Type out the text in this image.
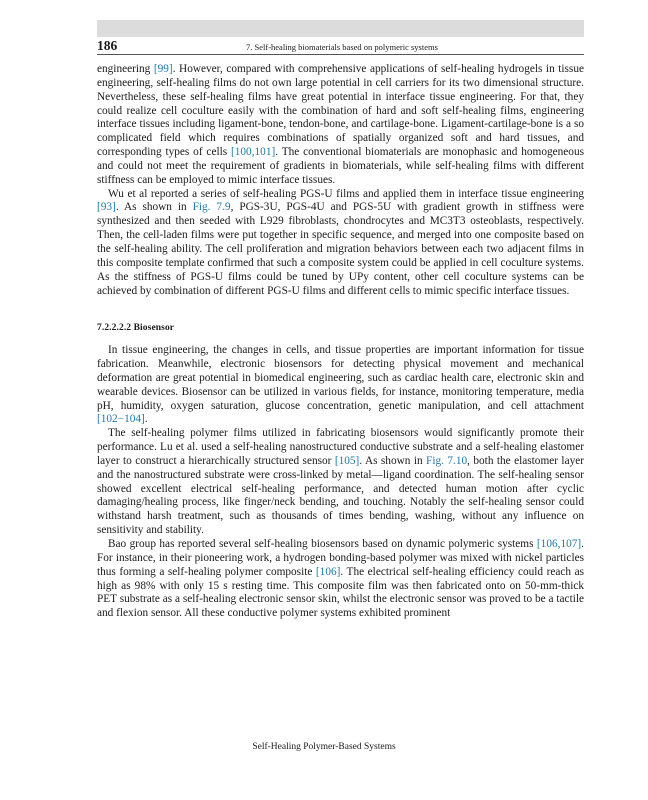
186	7. Self-healing biomaterials based on polymeric systems

engineering [99]. However, compared with comprehensive applications of self-healing hydrogels in tissue engineering, self-healing films do not own large potential in cell carriers for its two dimensional structure. Nevertheless, these self-healing films have great potential in interface tissue engineering. For that, they could realize cell coculture easily with the combination of hard and soft self-healing films, engineering interface tissues including ligament-bone, tendon-bone, and cartilage-bone. Ligament-cartilage-bone is a so complicated field which requires combinations of spatially organized soft and hard tissues, and corresponding types of cells [100,101]. The conventional biomaterials are monophasic and homogeneous and could not meet the requirement of gradients in biomaterials, while self-healing films with different stiffness can be employed to mimic interface tissues.

Wu et al reported a series of self-healing PGS-U films and applied them in interface tissue engineering [93]. As shown in Fig. 7.9, PGS-3U, PGS-4U and PGS-5U with gradient growth in stiffness were synthesized and then seeded with L929 fibroblasts, chondrocytes and MC3T3 osteoblasts, respectively. Then, the cell-laden films were put together in specific sequence, and merged into one composite based on the self-healing ability. The cell proliferation and migration behaviors between each two adjacent films in this composite template confirmed that such a composite system could be applied in cell coculture systems. As the stiffness of PGS-U films could be tuned by UPy content, other cell coculture systems can be achieved by combination of different PGS-U films and different cells to mimic specific interface tissues.

7.2.2.2.2 Biosensor

In tissue engineering, the changes in cells, and tissue properties are important information for tissue fabrication. Meanwhile, electronic biosensors for detecting physical movement and mechanical deformation are great potential in biomedical engineering, such as cardiac health care, electronic skin and wearable devices. Biosensor can be utilized in various fields, for instance, monitoring temperature, media pH, humidity, oxygen saturation, glucose concentration, genetic manipulation, and cell attachment [102−104].

The self-healing polymer films utilized in fabricating biosensors would significantly promote their performance. Lu et al. used a self-healing nanostructured conductive substrate and a self-healing elastomer layer to construct a hierarchically structured sensor [105]. As shown in Fig. 7.10, both the elastomer layer and the nanostructured substrate were cross-linked by metal—ligand coordination. The self-healing sensor showed excellent electrical self-healing performance, and detected human motion after cyclic damaging/healing process, like finger/neck bending, and touching. Notably the self-healing sensor could withstand harsh treatment, such as thousands of times bending, washing, without any influence on sensitivity and stability.

Bao group has reported several self-healing biosensors based on dynamic polymeric systems [106,107]. For instance, in their pioneering work, a hydrogen bonding-based polymer was mixed with nickel particles thus forming a self-healing polymer composite [106]. The electrical self-healing efficiency could reach as high as 98% with only 15 s resting time. This composite film was then fabricated onto on 50-mm-thick PET substrate as a self-healing electronic sensor skin, whilst the electronic sensor was proved to be a tactile and flexion sensor. All these conductive polymer systems exhibited prominent

Self-Healing Polymer-Based Systems
